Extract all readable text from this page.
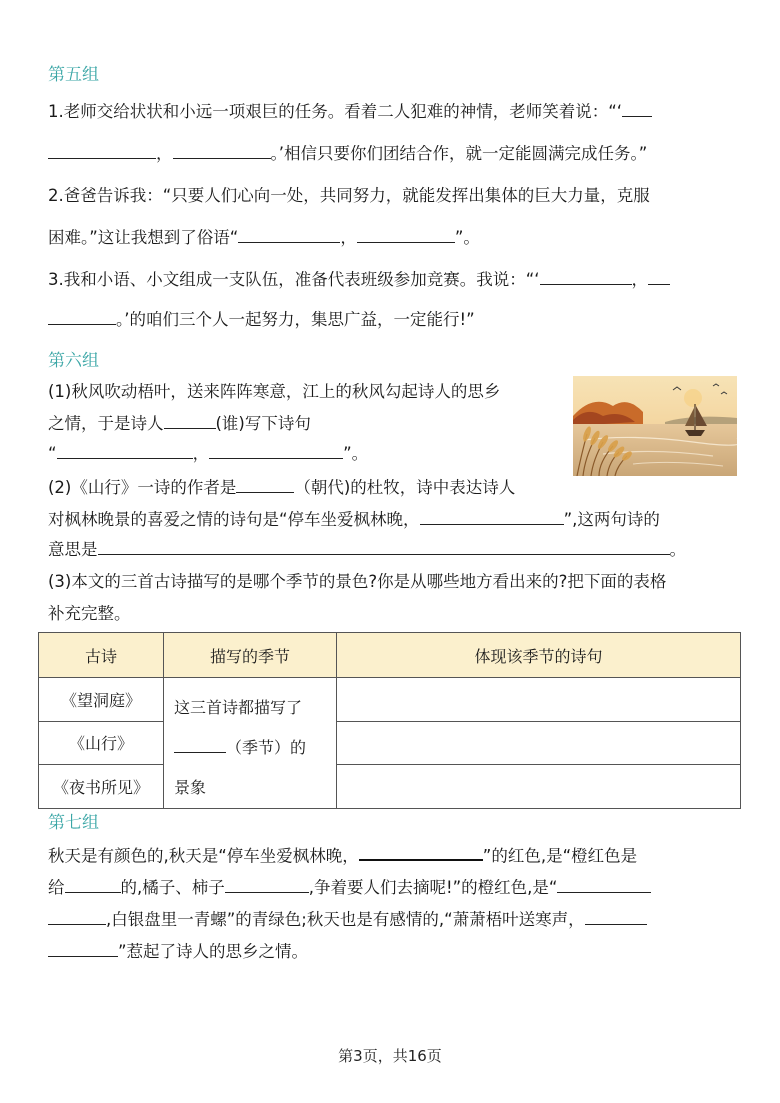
第五组
1.老师交给状状和小远一项艰巨的任务。看着二人犯难的神情，老师笑着说：“‘
，	。’相信只要你们团结合作，就一定能圆满完成任务。”
2.爸爸告诉我：“只要人们心向一处，共同努力，就能发挥出集体的巨大力量，克服
困难。”这让我想到了俗语“	，	”。
3.我和小语、小文组成一支队伍，准备代表班级参加竞赛。我说：“‘	，
。’的咱们三个人一起努力，集思广益，一定能行!”
第六组
(1)秋风吹动梧叶，送来阵阵寒意，江上的秋风勾起诗人的思乡
之情，于是诗人	(谁)写下诗句
“	，	”。
(2)《山行》一诗的作者是	（朝代)的杜牧，诗中表达诗人
对枫林晚景的喜爱之情的诗句是“停车坐爱枫林晚，	”,这两句诗的
意思是	。
(3)本文的三首古诗描写的是哪个季节的景色?你是从哪些地方看出来的?把下面的表格
补充完整。
古诗	描写的季节	体现该季节的诗句
《望洞庭》	这三首诗都描写了
（季节）的
景象	

《山行》		
《夜书所见》		
第七组
秋天是有颜色的,秋天是“停车坐爱枫林晚，	”的红色,是“橙红色是
给	的,橘子、柿子	,争着要人们去摘呢!”的橙红色,是“
,白银盘里一青螺”的青绿色;秋天也是有感情的,“萧萧梧叶送寒声，
”惹起了诗人的思乡之情。
第3页，共16页
